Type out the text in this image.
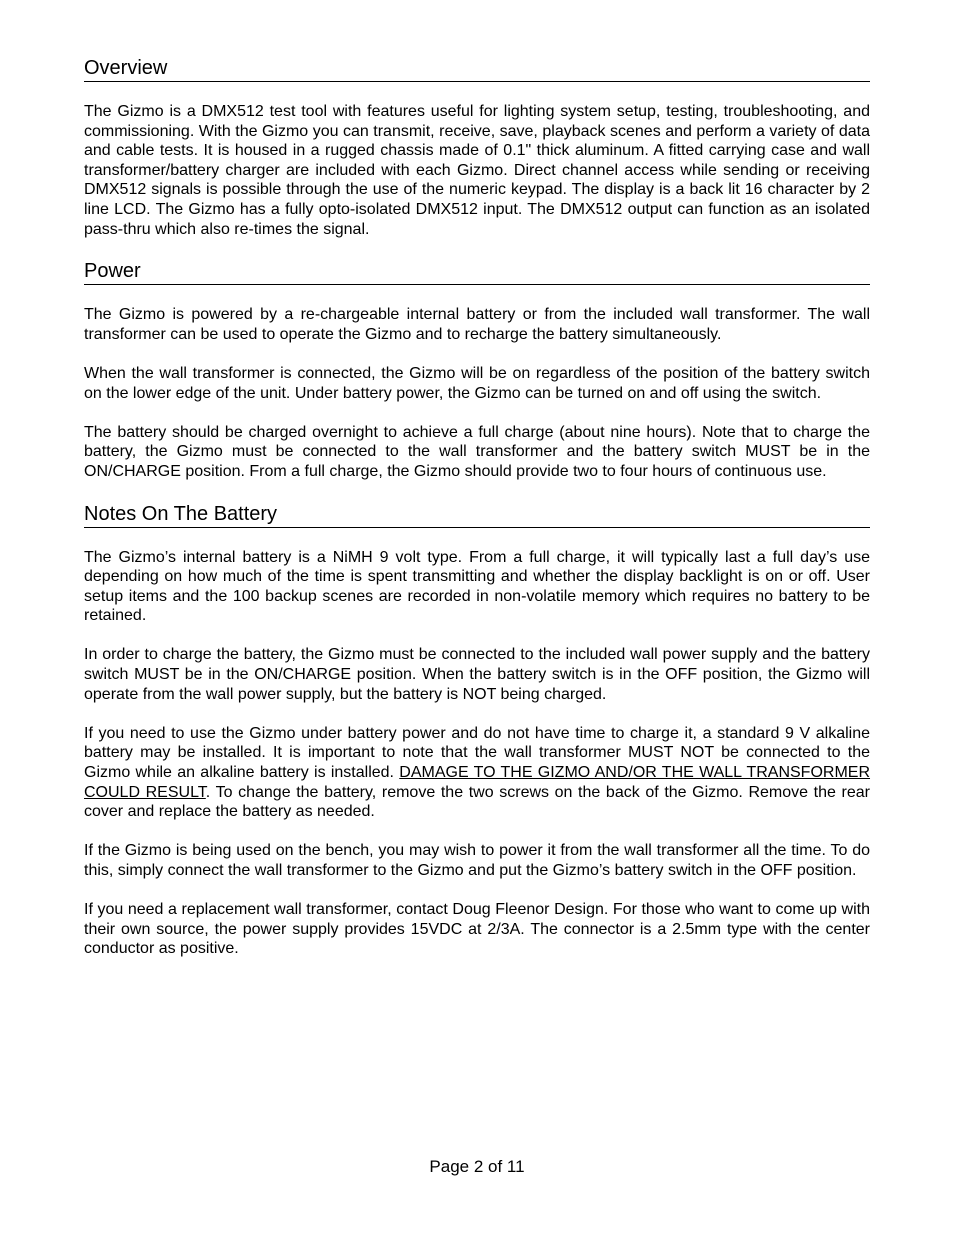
Overview

The Gizmo is a DMX512 test tool with features useful for lighting system setup, testing, troubleshooting, and commissioning. With the Gizmo you can transmit, receive, save, playback scenes and perform a variety of data and cable tests. It is housed in a rugged chassis made of 0.1" thick aluminum. A fitted carrying case and wall transformer/battery charger are included with each Gizmo. Direct channel access while sending or receiving DMX512 signals is possible through the use of the numeric keypad. The display is a back lit 16 character by 2 line LCD. The Gizmo has a fully opto-isolated DMX512 input. The DMX512 output can function as an isolated pass-thru which also re-times the signal.

Power

The Gizmo is powered by a re-chargeable internal battery or from the included wall transformer. The wall transformer can be used to operate the Gizmo and to recharge the battery simultaneously.

When the wall transformer is connected, the Gizmo will be on regardless of the position of the battery switch on the lower edge of the unit. Under battery power, the Gizmo can be turned on and off using the switch.

The battery should be charged overnight to achieve a full charge (about nine hours). Note that to charge the battery, the Gizmo must be connected to the wall transformer and the battery switch MUST be in the ON/CHARGE position. From a full charge, the Gizmo should provide two to four hours of continuous use.

Notes On The Battery

The Gizmo’s internal battery is a NiMH 9 volt type. From a full charge, it will typically last a full day’s use depending on how much of the time is spent transmitting and whether the display backlight is on or off. User setup items and the 100 backup scenes are recorded in non-volatile memory which requires no battery to be retained.

In order to charge the battery, the Gizmo must be connected to the included wall power supply and the battery switch MUST be in the ON/CHARGE position. When the battery switch is in the OFF position, the Gizmo will operate from the wall power supply, but the battery is NOT being charged.

If you need to use the Gizmo under battery power and do not have time to charge it, a standard 9 V alkaline battery may be installed. It is important to note that the wall transformer MUST NOT be connected to the Gizmo while an alkaline battery is installed. DAMAGE TO THE GIZMO AND/OR THE WALL TRANSFORMER COULD RESULT. To change the battery, remove the two screws on the back of the Gizmo. Remove the rear cover and replace the battery as needed.

If the Gizmo is being used on the bench, you may wish to power it from the wall transformer all the time. To do this, simply connect the wall transformer to the Gizmo and put the Gizmo’s battery switch in the OFF position.

If you need a replacement wall transformer, contact Doug Fleenor Design. For those who want to come up with their own source, the power supply provides 15VDC at 2/3A. The connector is a 2.5mm type with the center conductor as positive.

Page 2 of 11
